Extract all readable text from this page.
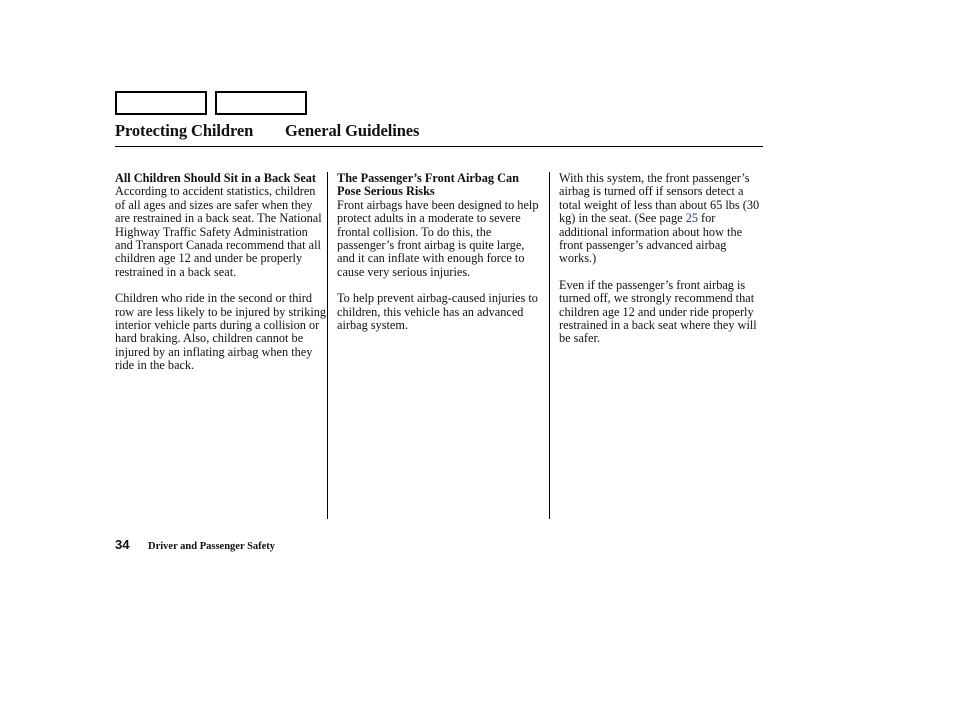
Protecting Children General Guidelines
All Children Should Sit in a Back Seat

According to accident statistics, children of all ages and sizes are safer when they are restrained in a back seat. The National Highway Traffic Safety Administration and Transport Canada recommend that all children age 12 and under be properly restrained in a back seat.

Children who ride in the second or third row are less likely to be injured by striking interior vehicle parts during a collision or hard braking. Also, children cannot be injured by an inflating airbag when they ride in the back.

The Passenger’s Front Airbag Can Pose Serious Risks

Front airbags have been designed to help protect adults in a moderate to severe frontal collision. To do this, the passenger’s front airbag is quite large, and it can inflate with enough force to cause very serious injuries.

To help prevent airbag-caused injuries to children, this vehicle has an advanced airbag system.

With this system, the front passenger’s airbag is turned off if sensors detect a total weight of less than about 65 lbs (30 kg) in the seat. (See page 25 for additional information about how the front passenger’s advanced airbag works.)

Even if the passenger’s front airbag is turned off, we strongly recommend that children age 12 and under ride properly restrained in a back seat where they will be safer.

34 Driver and Passenger Safety
